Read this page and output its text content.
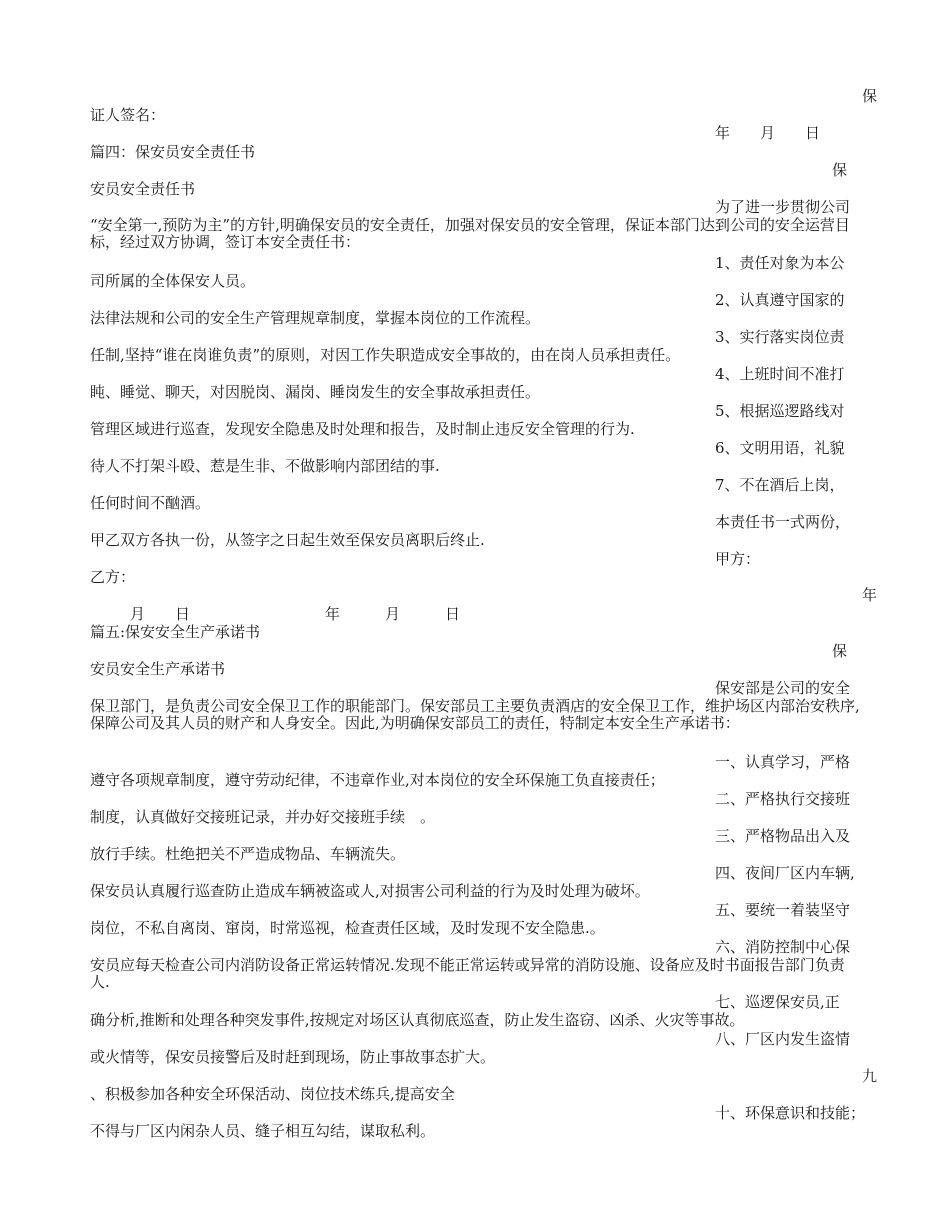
保
证人签名：
年　　月　　日
篇四：保安员安全责任书
保
安员安全责任书
为了进一步贯彻公司
“安全第一,预防为主”的方针,明确保安员的安全责任，加强对保安员的安全管理，保证本部门达到公司的安全运营目标，经过双方协调，签订本安全责任书：
1、责任对象为本公
司所属的全体保安人员。
2、认真遵守国家的
法律法规和公司的安全生产管理规章制度，掌握本岗位的工作流程。
3、实行落实岗位责
任制,坚持“谁在岗谁负责”的原则，对因工作失职造成安全事故的，由在岗人员承担责任。
4、上班时间不准打
盹、睡觉、聊天，对因脱岗、漏岗、睡岗发生的安全事故承担责任。
5、根据巡逻路线对
管理区域进行巡查，发现安全隐患及时处理和报告，及时制止违反安全管理的行为.
6、文明用语，礼貌
待人不打架斗殴、惹是生非、不做影响内部团结的事.
7、不在酒后上岗，
任何时间不酗酒。
本责任书一式两份，
甲乙双方各执一份，从签字之日起生效至保安员离职后终止.
甲方：
乙方：
年
月　　日　　　　　　　　　年　　　月　　　日
篇五:保安安全生产承诺书
保
安员安全生产承诺书
保安部是公司的安全
保卫部门，是负责公司安全保卫工作的职能部门。保安部员工主要负责酒店的安全保卫工作，维护场区内部治安秩序,保障公司及其人员的财产和人身安全。因此,为明确保安部员工的责任，特制定本安全生产承诺书：
一、认真学习，严格
遵守各项规章制度，遵守劳动纪律，不违章作业,对本岗位的安全环保施工负直接责任；
二、严格执行交接班
制度，认真做好交接班记录，并办好交接班手续　。
三、严格物品出入及
放行手续。杜绝把关不严造成物品、车辆流失。
四、夜间厂区内车辆,
保安员认真履行巡查防止造成车辆被盗或人,对损害公司利益的行为及时处理为破坏。
五、要统一着装坚守
岗位，不私自离岗、窜岗，时常巡视，检查责任区域，及时发现不安全隐患.。
六、消防控制中心保
安员应每天检查公司内消防设备正常运转情况.发现不能正常运转或异常的消防设施、设备应及时书面报告部门负责人.
七、巡逻保安员,正
确分析,推断和处理各种突发事件,按规定对场区认真彻底巡查，防止发生盗窃、凶杀、火灾等事故。
八、厂区内发生盗情
或火情等，保安员接警后及时赶到现场，防止事故事态扩大。
九
、积极参加各种安全环保活动、岗位技术练兵,提高安全
十、环保意识和技能；
不得与厂区内闲杂人员、缝子相互勾结，谋取私利。
